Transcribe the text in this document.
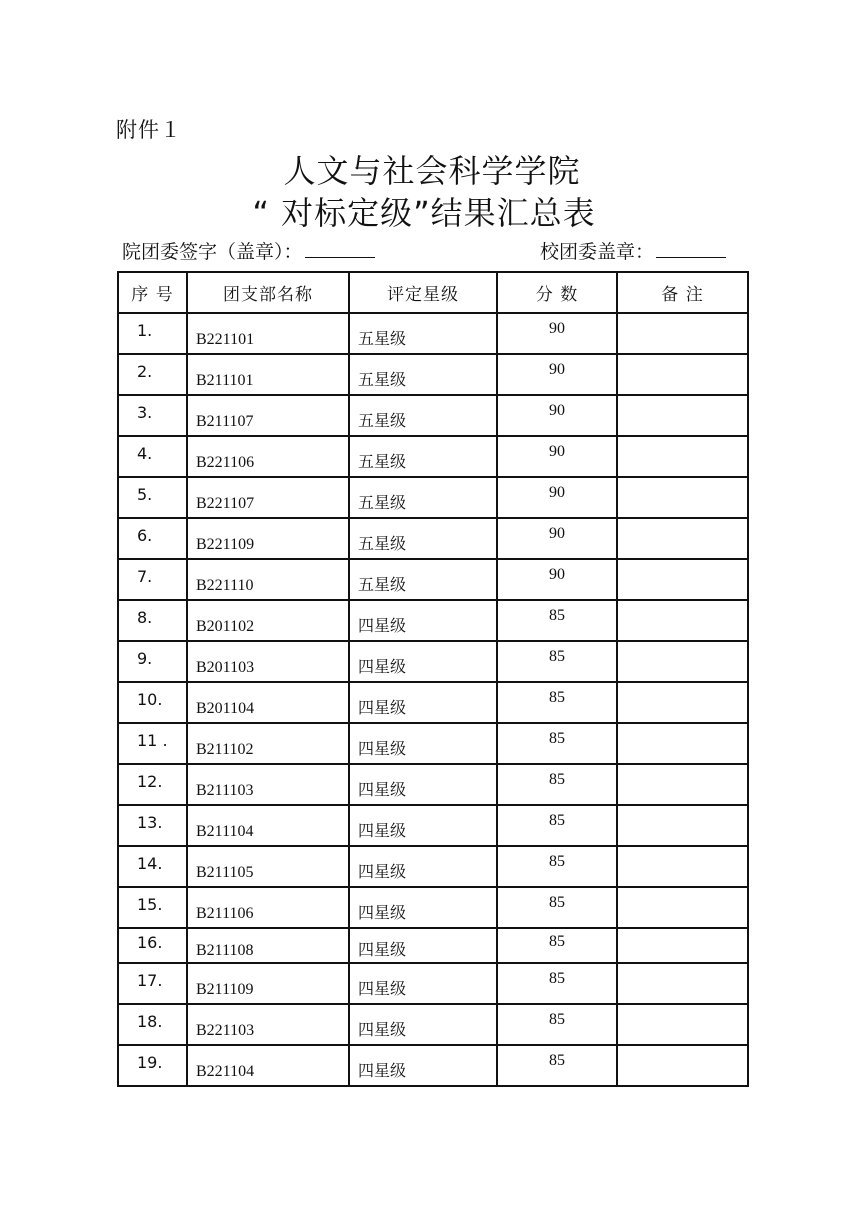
附件１
人文与社会科学学院
“ 对标定级”结果汇总表
院团委签字（盖章）：	校团委盖章：
序 号	团支部名称	评定星级	分 数	备 注

1.	B221101	五星级	90	

2.	B211101	五星级	90	

3.	B211107	五星级	90	

4.	B221106	五星级	90	

5.	B221107	五星级	90	

6.	B221109	五星级	90	

7.	B221110	五星级	90	

8.	B201102	四星级	85	

9.	B201103	四星级	85	

10.	B201104	四星级	85	

11 .	B211102	四星级	85	

12.	B211103	四星级	85	

13.	B211104	四星级	85	

14.	B211105	四星级	85	

15.	B211106	四星级	85	

16.	B211108	四星级	85	

17.	B211109	四星级	85	

18.	B221103	四星级	85	

19.	B221104	四星级	85	
